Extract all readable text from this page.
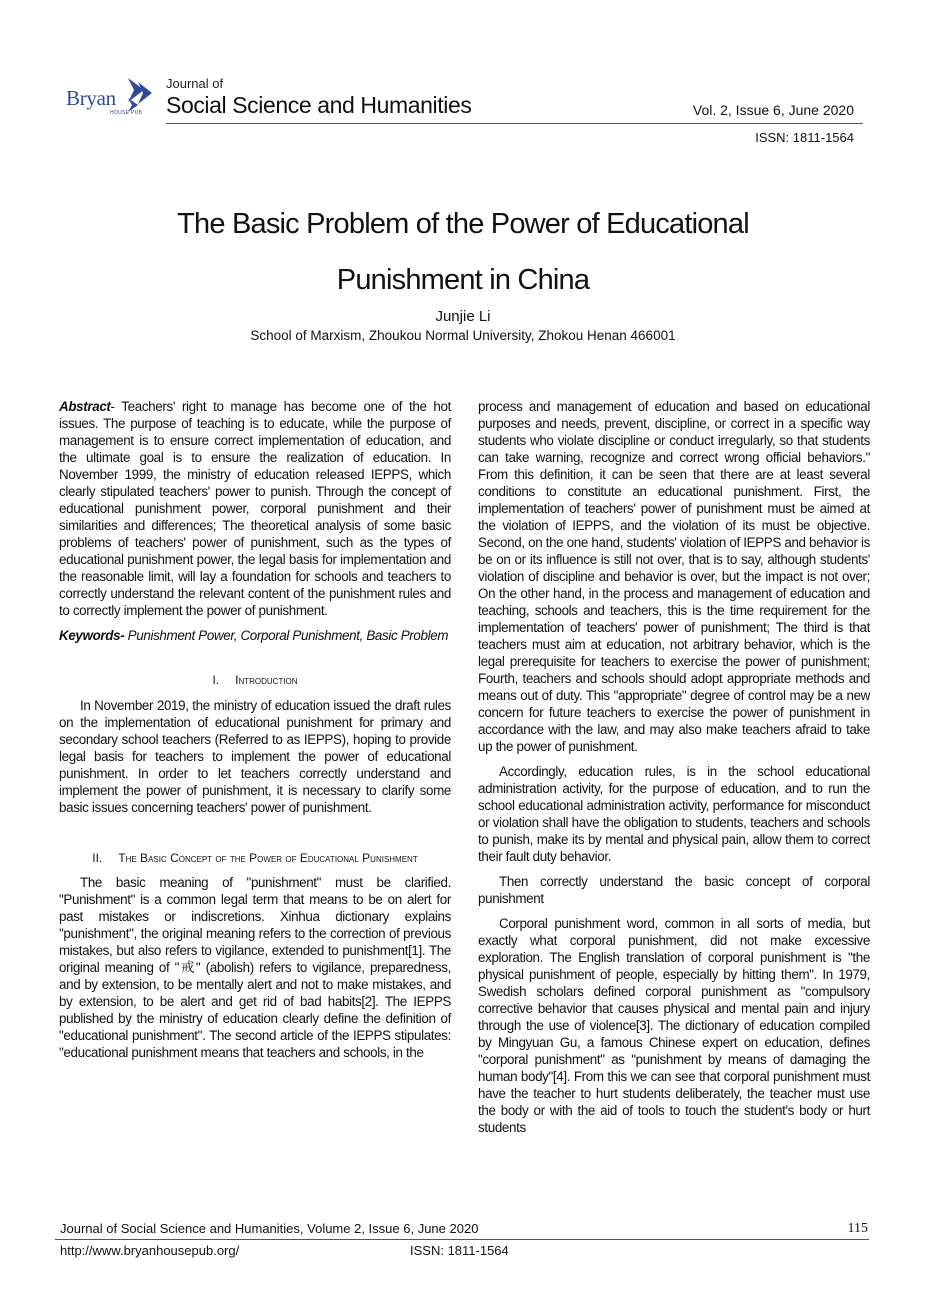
Bryan
HOUSE PUB
Journal of
Social Science and Humanities	Vol. 2, Issue 6, June 2020
ISSN: 1811-1564
The Basic Problem of the Power of Educational
Punishment in China
Junjie Li
School of Marxism, Zhoukou Normal University, Zhokou Henan 466001

Abstract- Teachers' right to manage has become one of the hot issues. The purpose of teaching is to educate, while the purpose of management is to ensure correct implementation of education, and the ultimate goal is to ensure the realization of education. In November 1999, the ministry of education released IEPPS, which clearly stipulated teachers' power to punish. Through the concept of educational punishment power, corporal punishment and their similarities and differences; The theoretical analysis of some basic problems of teachers' power of punishment, such as the types of educational punishment power, the legal basis for implementation and the reasonable limit, will lay a foundation for schools and teachers to correctly understand the relevant content of the punishment rules and to correctly implement the power of punishment.

Keywords- Punishment Power, Corporal Punishment, Basic Problem

I. Introduction

In November 2019, the ministry of education issued the draft rules on the implementation of educational punishment for primary and secondary school teachers (Referred to as IEPPS), hoping to provide legal basis for teachers to implement the power of educational punishment. In order to let teachers correctly understand and implement the power of punishment, it is necessary to clarify some basic issues concerning teachers' power of punishment.

II. The Basic Concept of the Power of Educational Punishment

The basic meaning of "punishment" must be clarified. "Punishment" is a common legal term that means to be on alert for past mistakes or indiscretions. Xinhua dictionary explains "punishment", the original meaning refers to the correction of previous mistakes, but also refers to vigilance, extended to punishment[1]. The original meaning of "戒" (abolish) refers to vigilance, preparedness, and by extension, to be mentally alert and not to make mistakes, and by extension, to be alert and get rid of bad habits[2]. The IEPPS published by the ministry of education clearly define the definition of "educational punishment". The second article of the IEPPS stipulates: "educational punishment means that teachers and schools, in the

process and management of education and based on educational purposes and needs, prevent, discipline, or correct in a specific way students who violate discipline or conduct irregularly, so that students can take warning, recognize and correct wrong official behaviors." From this definition, it can be seen that there are at least several conditions to constitute an educational punishment. First, the implementation of teachers' power of punishment must be aimed at the violation of IEPPS, and the violation of its must be objective. Second, on the one hand, students' violation of IEPPS and behavior is be on or its influence is still not over, that is to say, although students' violation of discipline and behavior is over, but the impact is not over; On the other hand, in the process and management of education and teaching, schools and teachers, this is the time requirement for the implementation of teachers' power of punishment; The third is that teachers must aim at education, not arbitrary behavior, which is the legal prerequisite for teachers to exercise the power of punishment; Fourth, teachers and schools should adopt appropriate methods and means out of duty. This "appropriate" degree of control may be a new concern for future teachers to exercise the power of punishment in accordance with the law, and may also make teachers afraid to take up the power of punishment.

Accordingly, education rules, is in the school educational administration activity, for the purpose of education, and to run the school educational administration activity, performance for misconduct or violation shall have the obligation to students, teachers and schools to punish, make its by mental and physical pain, allow them to correct their fault duty behavior.

Then correctly understand the basic concept of corporal punishment

Corporal punishment word, common in all sorts of media, but exactly what corporal punishment, did not make excessive exploration. The English translation of corporal punishment is "the physical punishment of people, especially by hitting them". In 1979, Swedish scholars defined corporal punishment as "compulsory corrective behavior that causes physical and mental pain and injury through the use of violence[3]. The dictionary of education compiled by Mingyuan Gu, a famous Chinese expert on education, defines "corporal punishment" as "punishment by means of damaging the human body"[4]. From this we can see that corporal punishment must have the teacher to hurt students deliberately, the teacher must use the body or with the aid of tools to touch the student's body or hurt students

Journal of Social Science and Humanities, Volume 2, Issue 6, June 2020	115
http://www.bryanhousepub.org/	ISSN: 1811-1564
